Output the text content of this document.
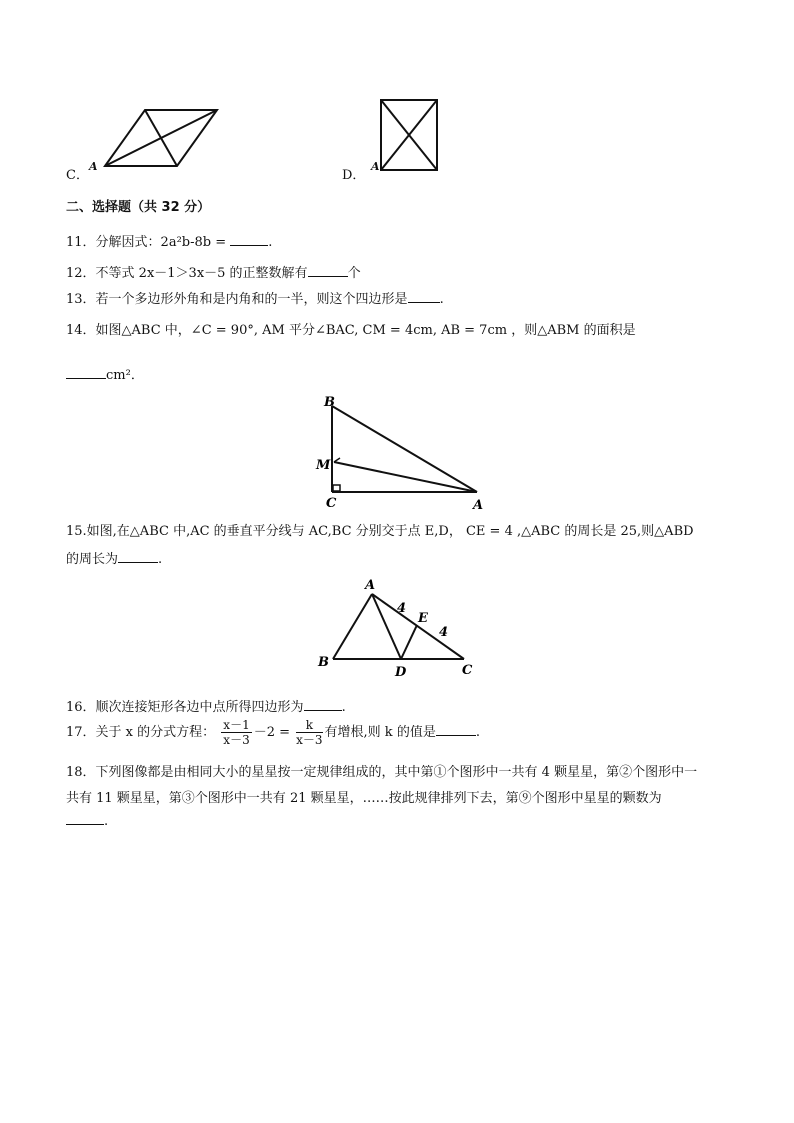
C．
A
D．
A
二、选择题（共 32 分）
11．分解因式：2a²b-8b =	.
12．不等式 2x－1＞3x－5 的正整数解有	个
13．若一个多边形外角和是内角和的一半，则这个四边形是 .
14．如图△ABC 中，∠C = 90°, AM 平分∠BAC, CM = 4cm, AB = 7cm ，则△ABM 的面积是
cm²．
B
M
C	A
15.如图,在△ABC 中,AC 的垂直平分线与 AC,BC 分别交于点 E,D， CE = 4 ,△ABC 的周长是 25,则△ABD
的周长为	.
A
4
E
4
B
D	C
16．顺次连接矩形各边中点所得四边形为	.
17．关于 x 的分式方程： $\frac{x-1}{x-3} -2 = \frac{k}{x-3}$ 有增根,则 k 的值是	.
18．下列图像都是由相同大小的星星按一定规律组成的，其中第①个图形中一共有 4 颗星星，第②个图形中一
共有 11 颗星星，第③个图形中一共有 21 颗星星，……按此规律排列下去，第⑨个图形中星星的颗数为
.
